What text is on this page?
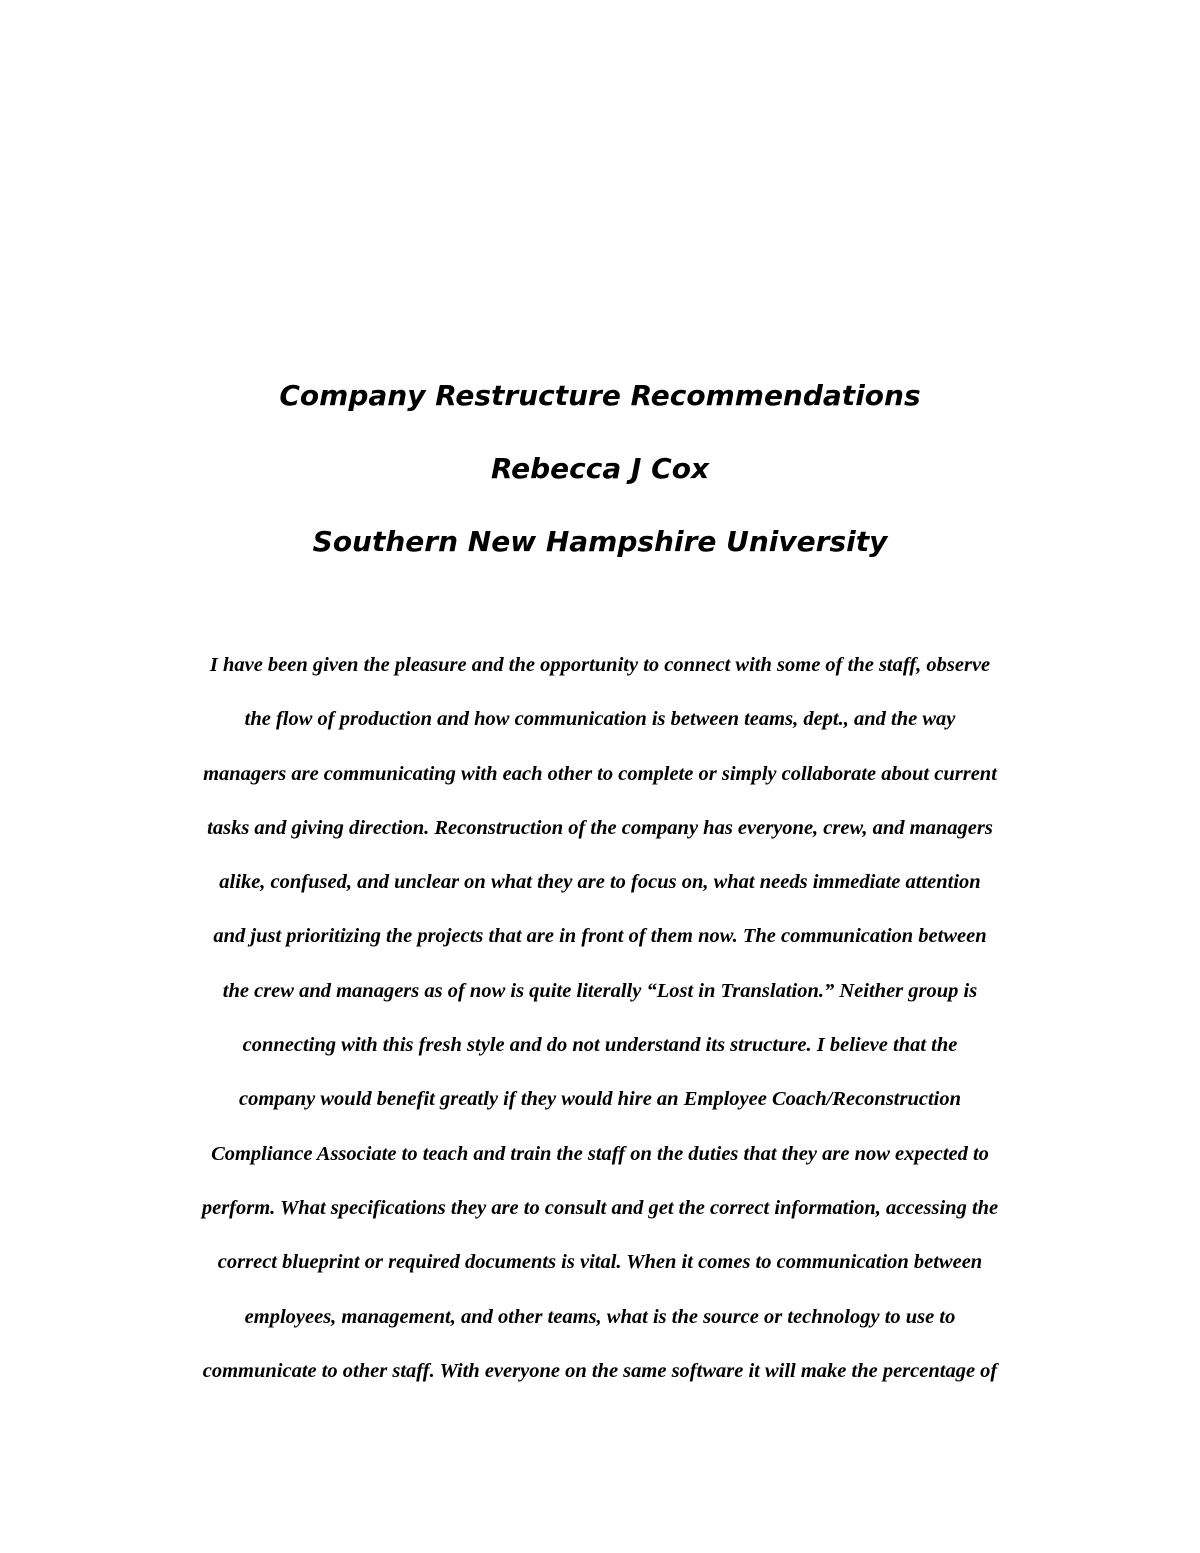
Company Restructure Recommendations
Rebecca J Cox
Southern New Hampshire University
I have been given the pleasure and the opportunity to connect with some of the staff, observe
the flow of production and how communication is between teams, dept., and the way
managers are communicating with each other to complete or simply collaborate about current
tasks and giving direction. Reconstruction of the company has everyone, crew, and managers
alike, confused, and unclear on what they are to focus on, what needs immediate attention
and just prioritizing the projects that are in front of them now. The communication between
the crew and managers as of now is quite literally “Lost in Translation.” Neither group is
connecting with this fresh style and do not understand its structure. I believe that the
company would benefit greatly if they would hire an Employee Coach/Reconstruction
Compliance Associate to teach and train the staff on the duties that they are now expected to
perform. What specifications they are to consult and get the correct information, accessing the
correct blueprint or required documents is vital. When it comes to communication between
employees, management, and other teams, what is the source or technology to use to
communicate to other staff. With everyone on the same software it will make the percentage of
